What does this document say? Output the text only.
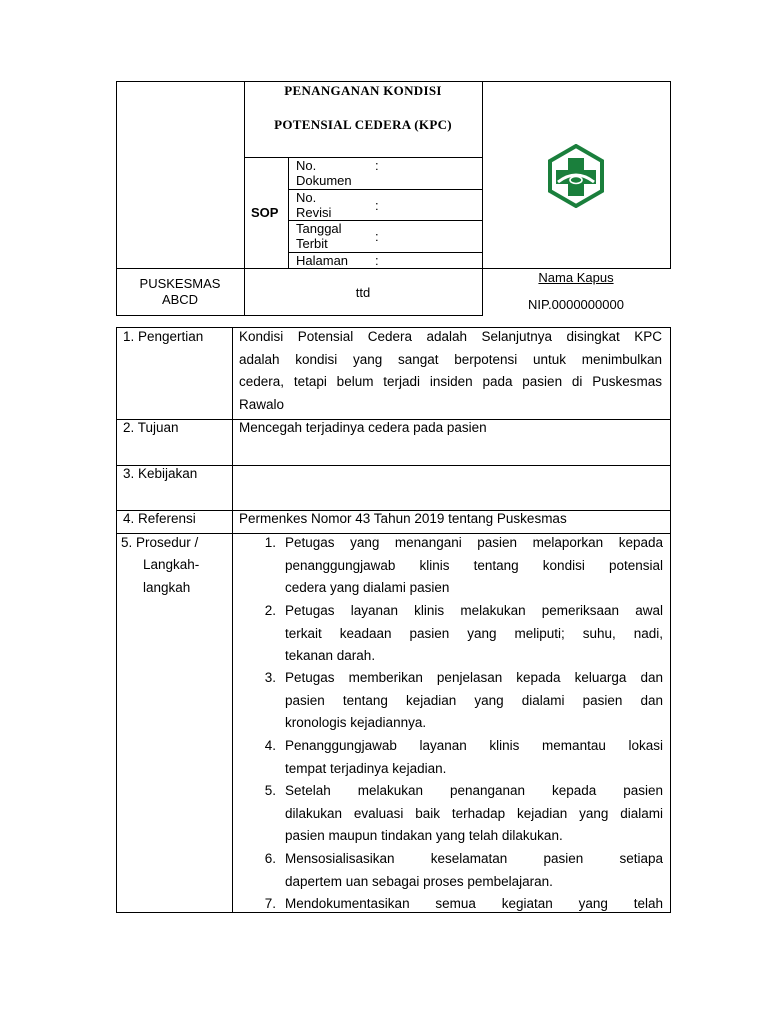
PENANGANAN KONDISI
POTENSIAL CEDERA (KPC)
SOP
No.
Dokumen
:
No.
Revisi	:
Tanggal
Terbit	:
Halaman :
PUSKESMAS
ABCD	ttd
Nama Kapus
NIP.0000000000
1. Pengertian	Kondisi Potensial Cedera adalah Selanjutnya disingkat KPC
adalah kondisi yang sangat berpotensi untuk menimbulkan
cedera, tetapi belum terjadi insiden pada pasien di Puskesmas
Rawalo
2. Tujuan	Mencegah terjadinya cedera pada pasien
3. Kebijakan
4. Referensi	Permenkes Nomor 43 Tahun 2019 tentang Puskesmas
5. Prosedur /
Langkah-
langkah
1. Petugas yang menangani pasien melaporkan kepada
penanggungjawab klinis tentang kondisi potensial
cedera yang dialami pasien
2. Petugas layanan klinis melakukan pemeriksaan awal
terkait keadaan pasien yang meliputi; suhu, nadi,
tekanan darah.
3. Petugas memberikan penjelasan kepada keluarga dan
pasien tentang kejadian yang dialami pasien dan
kronologis kejadiannya.
4. Penanggungjawab layanan klinis memantau lokasi
tempat terjadinya kejadian.
5. Setelah melakukan penanganan kepada pasien
dilakukan evaluasi baik terhadap kejadian yang dialami
pasien maupun tindakan yang telah dilakukan.
6. Mensosialisasikan keselamatan pasien setiapa
dapertem uan sebagai proses pembelajaran.
7. Mendokumentasikan semua kegiatan yang telah
